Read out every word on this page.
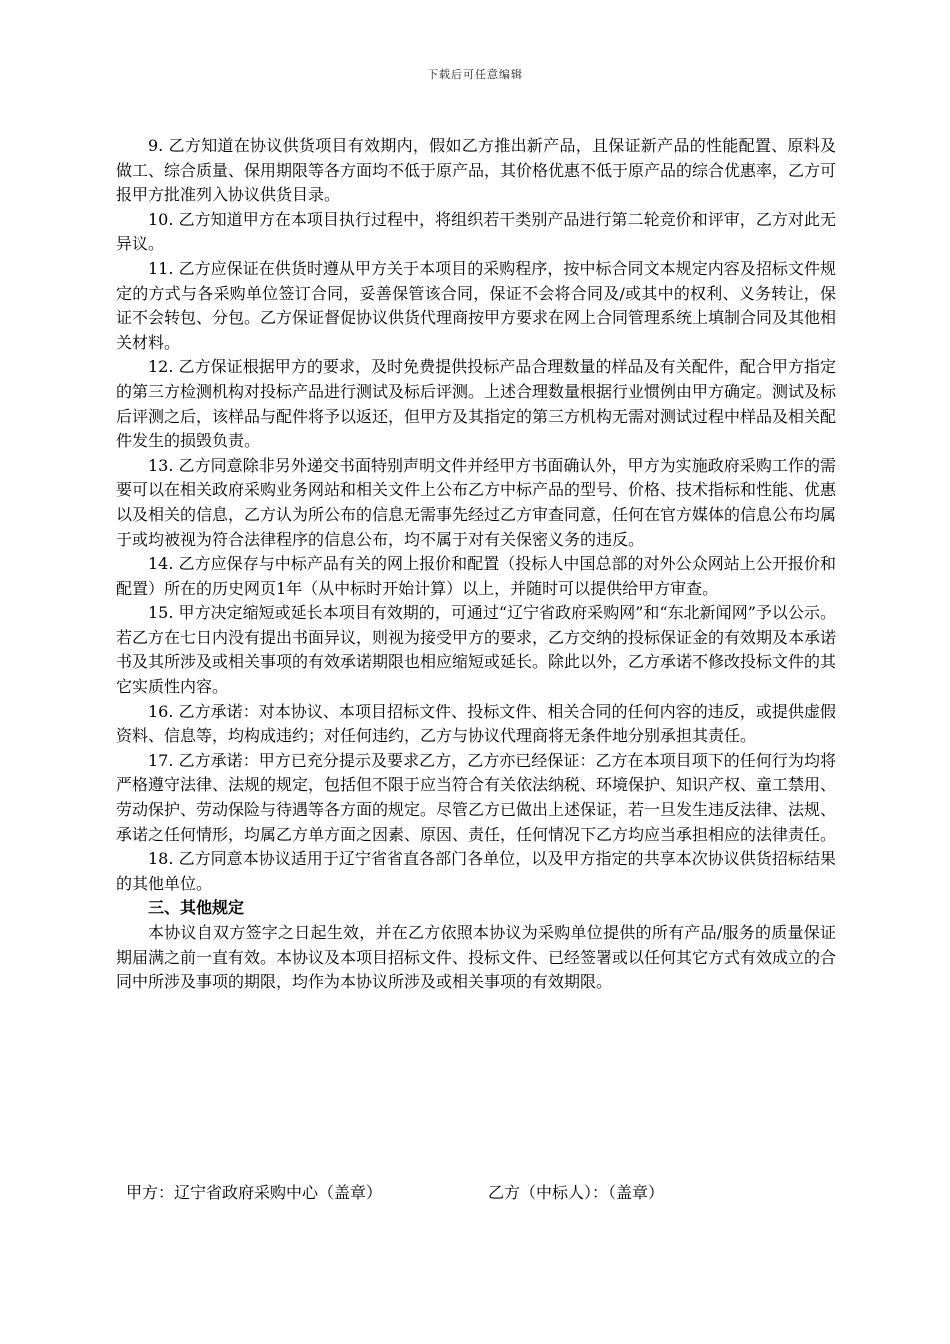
下载后可任意编辑

9. 乙方知道在协议供货项目有效期内，假如乙方推出新产品，且保证新产品的性能配置、原料及做工、综合质量、保用期限等各方面均不低于原产品，其价格优惠不低于原产品的综合优惠率，乙方可报甲方批准列入协议供货目录。

10. 乙方知道甲方在本项目执行过程中，将组织若干类别产品进行第二轮竞价和评审，乙方对此无异议。

11. 乙方应保证在供货时遵从甲方关于本项目的采购程序，按中标合同文本规定内容及招标文件规定的方式与各采购单位签订合同，妥善保管该合同，保证不会将合同及/或其中的权利、义务转让，保证不会转包、分包。乙方保证督促协议供货代理商按甲方要求在网上合同管理系统上填制合同及其他相关材料。

12. 乙方保证根据甲方的要求，及时免费提供投标产品合理数量的样品及有关配件，配合甲方指定的第三方检测机构对投标产品进行测试及标后评测。上述合理数量根据行业惯例由甲方确定。测试及标后评测之后，该样品与配件将予以返还，但甲方及其指定的第三方机构无需对测试过程中样品及相关配件发生的损毁负责。

13. 乙方同意除非另外递交书面特别声明文件并经甲方书面确认外，甲方为实施政府采购工作的需要可以在相关政府采购业务网站和相关文件上公布乙方中标产品的型号、价格、技术指标和性能、优惠以及相关的信息，乙方认为所公布的信息无需事先经过乙方审查同意，任何在官方媒体的信息公布均属于或均被视为符合法律程序的信息公布，均不属于对有关保密义务的违反。

14. 乙方应保存与中标产品有关的网上报价和配置（投标人中国总部的对外公众网站上公开报价和配置）所在的历史网页1年（从中标时开始计算）以上，并随时可以提供给甲方审查。

15. 甲方决定缩短或延长本项目有效期的，可通过“辽宁省政府采购网”和“东北新闻网”予以公示。若乙方在七日内没有提出书面异议，则视为接受甲方的要求，乙方交纳的投标保证金的有效期及本承诺书及其所涉及或相关事项的有效承诺期限也相应缩短或延长。除此以外，乙方承诺不修改投标文件的其它实质性内容。

16. 乙方承诺：对本协议、本项目招标文件、投标文件、相关合同的任何内容的违反，或提供虚假资料、信息等，均构成违约；对任何违约，乙方与协议代理商将无条件地分别承担其责任。

17. 乙方承诺：甲方已充分提示及要求乙方，乙方亦已经保证：乙方在本项目项下的任何行为均将严格遵守法律、法规的规定，包括但不限于应当符合有关依法纳税、环境保护、知识产权、童工禁用、劳动保护、劳动保险与待遇等各方面的规定。尽管乙方已做出上述保证，若一旦发生违反法律、法规、承诺之任何情形，均属乙方单方面之因素、原因、责任，任何情况下乙方均应当承担相应的法律责任。

18. 乙方同意本协议适用于辽宁省省直各部门各单位，以及甲方指定的共享本次协议供货招标结果的其他单位。

三、其他规定

本协议自双方签字之日起生效，并在乙方依照本协议为采购单位提供的所有产品/服务的质量保证期届满之前一直有效。本协议及本项目招标文件、投标文件、已经签署或以任何其它方式有效成立的合同中所涉及事项的期限，均作为本协议所涉及或相关事项的有效期限。

甲方：辽宁省政府采购中心（盖章）	乙方（中标人）：（盖章）
